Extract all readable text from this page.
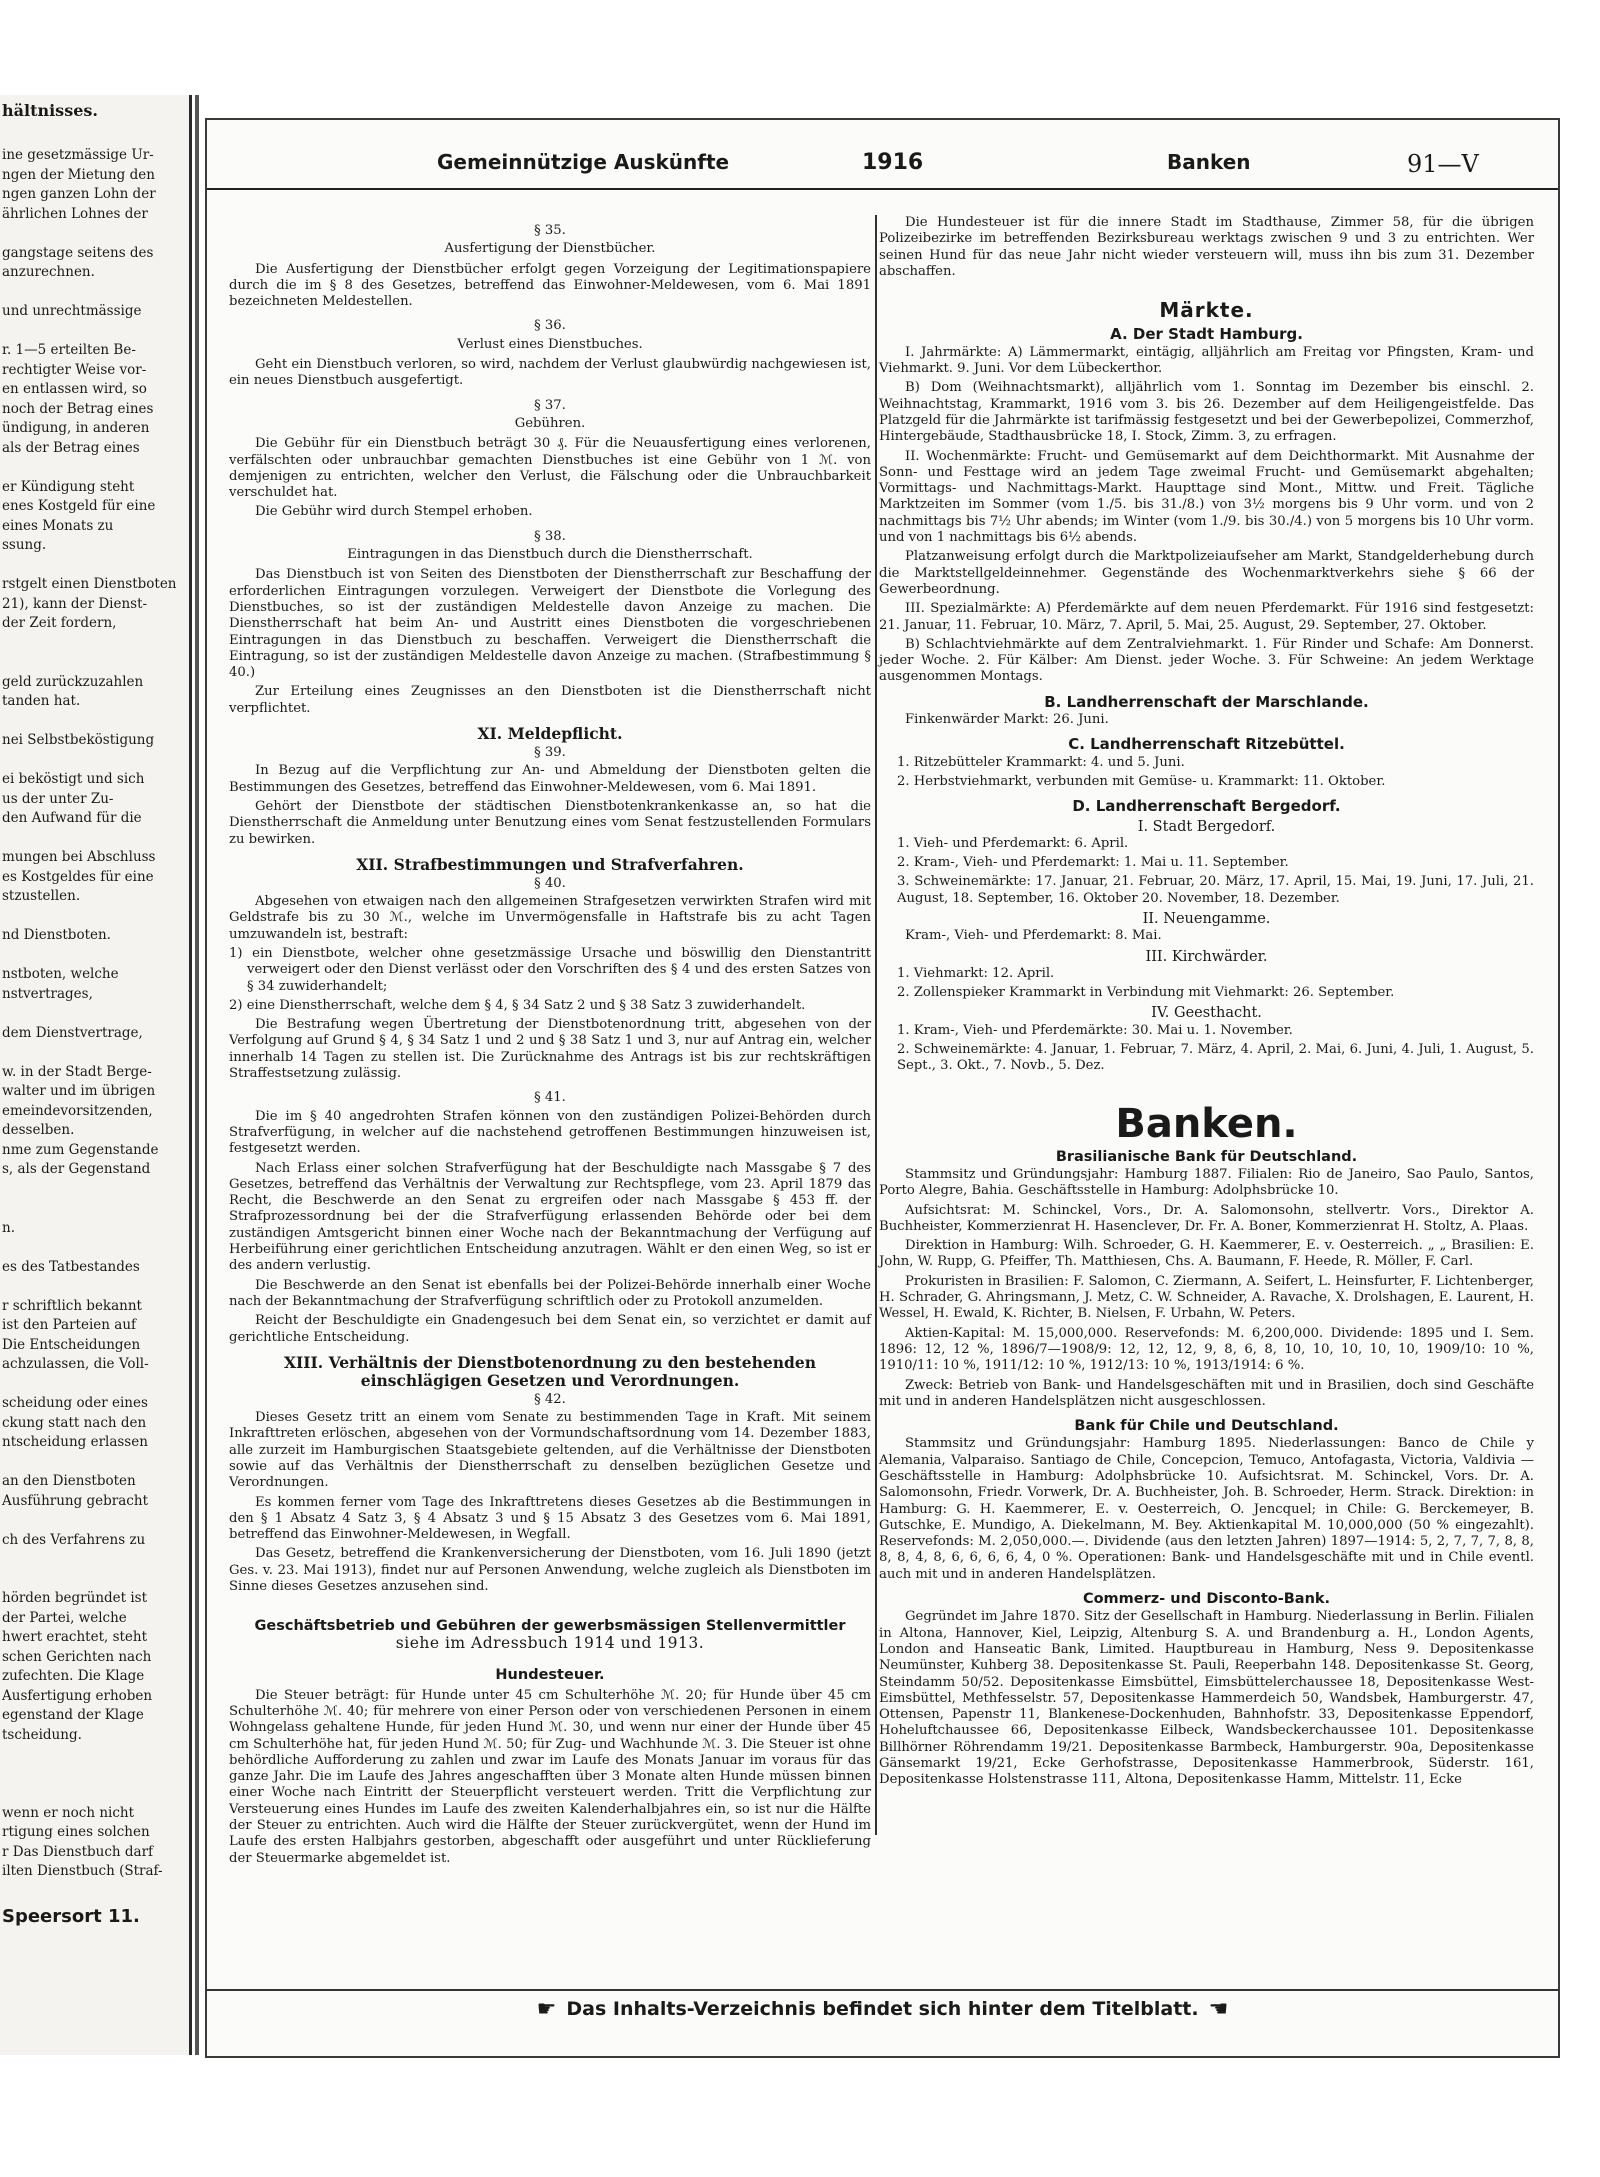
hältnisses.

ine gesetzmässige Ur-
ngen der Mietung den
ngen ganzen Lohn der
ährlichen Lohnes der

gangstage seitens des
anzurechnen.

und unrechtmässige

r. 1—5 erteilten Be-
rechtigter Weise vor-
en entlassen wird, so
noch der Betrag eines
ündigung, in anderen
als der Betrag eines

er Kündigung steht
enes Kostgeld für eine
eines Monats zu
ssung.

rstgelt einen Dienstboten
21), kann der Dienst-
der Zeit fordern,

geld zurückzuzahlen
tanden hat.

nei Selbstbeköstigung

ei beköstigt und sich
us der unter Zu-
den Aufwand für die

mungen bei Abschluss
es Kostgeldes für eine
stzustellen.

nd Dienstboten.

nstboten, welche
nstvertrages,

dem Dienstvertrage,

w. in der Stadt Berge-
walter und im übrigen
emeindevorsitzenden,
desselben.
nme zum Gegenstande
s, als der Gegenstand

n.

es des Tatbestandes

r schriftlich bekannt
ist den Parteien auf
Die Entscheidungen
achzulassen, die Voll-

scheidung oder eines
ckung statt nach den
ntscheidung erlassen

an den Dienstboten
Ausführung gebracht

ch des Verfahrens zu

hörden begründet ist
der Partei, welche
hwert erachtet, steht
schen Gerichten nach
zufechten. Die Klage
Ausfertigung erhoben
egenstand der Klage
tscheidung.

wenn er noch nicht
rtigung eines solchen
r Das Dienstbuch darf
ilten Dienstbuch (Straf-

Speersort 11.
Gemeinnützige Auskünfte	1916	Banken	91—V
§ 35.
Ausfertigung der Dienstbücher.
Die Ausfertigung der Dienstbücher erfolgt gegen Vorzeigung der Legitimationspapiere durch die im § 8 des Gesetzes, betreffend das Einwohner-Meldewesen, vom 6. Mai 1891 bezeichneten Meldestellen.
§ 36.
Verlust eines Dienstbuches.
Geht ein Dienstbuch verloren, so wird, nachdem der Verlust glaubwürdig nachgewiesen ist, ein neues Dienstbuch ausgefertigt.
§ 37.
Gebühren.
Die Gebühr für ein Dienstbuch beträgt 30 ₰. Für die Neuausfertigung eines verlorenen, verfälschten oder unbrauchbar gemachten Dienstbuches ist eine Gebühr von 1 ℳ. von demjenigen zu entrichten, welcher den Verlust, die Fälschung oder die Unbrauchbarkeit verschuldet hat.
Die Gebühr wird durch Stempel erhoben.
§ 38.
Eintragungen in das Dienstbuch durch die Dienstherrschaft.
Das Dienstbuch ist von Seiten des Dienstboten der Dienstherrschaft zur Beschaffung der erforderlichen Eintragungen vorzulegen. Verweigert der Dienstbote die Vorlegung des Dienstbuches, so ist der zuständigen Meldestelle davon Anzeige zu machen. Die Dienstherrschaft hat beim An- und Austritt eines Dienstboten die vorgeschriebenen Eintragungen in das Dienstbuch zu beschaffen. Verweigert die Dienstherrschaft die Eintragung, so ist der zuständigen Meldestelle davon Anzeige zu machen. (Strafbestimmung § 40.)
Zur Erteilung eines Zeugnisses an den Dienstboten ist die Dienstherrschaft nicht verpflichtet.
XI. Meldepflicht.
§ 39.
In Bezug auf die Verpflichtung zur An- und Abmeldung der Dienstboten gelten die Bestimmungen des Gesetzes, betreffend das Einwohner-Meldewesen, vom 6. Mai 1891.
Gehört der Dienstbote der städtischen Dienstbotenkrankenkasse an, so hat die Dienstherrschaft die Anmeldung unter Benutzung eines vom Senat festzustellenden Formulars zu bewirken.
XII. Strafbestimmungen und Strafverfahren.
§ 40.
Abgesehen von etwaigen nach den allgemeinen Strafgesetzen verwirkten Strafen wird mit Geldstrafe bis zu 30 ℳ., welche im Unvermögensfalle in Haftstrafe bis zu acht Tagen umzuwandeln ist, bestraft:
1) ein Dienstbote, welcher ohne gesetzmässige Ursache und böswillig den Dienstantritt verweigert oder den Dienst verlässt oder den Vorschriften des § 4 und des ersten Satzes von § 34 zuwiderhandelt;
2) eine Dienstherrschaft, welche dem § 4, § 34 Satz 2 und § 38 Satz 3 zuwiderhandelt.
Die Bestrafung wegen Übertretung der Dienstbotenordnung tritt, abgesehen von der Verfolgung auf Grund § 4, § 34 Satz 1 und 2 und § 38 Satz 1 und 3, nur auf Antrag ein, welcher innerhalb 14 Tagen zu stellen ist. Die Zurücknahme des Antrags ist bis zur rechtskräftigen Straffestsetzung zulässig.
§ 41.
Die im § 40 angedrohten Strafen können von den zuständigen Polizei-Behörden durch Strafverfügung, in welcher auf die nachstehend getroffenen Bestimmungen hinzuweisen ist, festgesetzt werden.
Nach Erlass einer solchen Strafverfügung hat der Beschuldigte nach Massgabe § 7 des Gesetzes, betreffend das Verhältnis der Verwaltung zur Rechtspflege, vom 23. April 1879 das Recht, die Beschwerde an den Senat zu ergreifen oder nach Massgabe § 453 ff. der Strafprozessordnung bei der die Strafverfügung erlassenden Behörde oder bei dem zuständigen Amtsgericht binnen einer Woche nach der Bekanntmachung der Verfügung auf Herbeiführung einer gerichtlichen Entscheidung anzutragen. Wählt er den einen Weg, so ist er des andern verlustig.
Die Beschwerde an den Senat ist ebenfalls bei der Polizei-Behörde innerhalb einer Woche nach der Bekanntmachung der Strafverfügung schriftlich oder zu Protokoll anzumelden.
Reicht der Beschuldigte ein Gnadengesuch bei dem Senat ein, so verzichtet er damit auf gerichtliche Entscheidung.
XIII. Verhältnis der Dienstbotenordnung zu den bestehenden einschlägigen Gesetzen und Verordnungen.
§ 42.
Dieses Gesetz tritt an einem vom Senate zu bestimmenden Tage in Kraft. Mit seinem Inkrafttreten erlöschen, abgesehen von der Vormundschaftsordnung vom 14. Dezember 1883, alle zurzeit im Hamburgischen Staatsgebiete geltenden, auf die Verhältnisse der Dienstboten sowie auf das Verhältnis der Dienstherrschaft zu denselben bezüglichen Gesetze und Verordnungen.
Es kommen ferner vom Tage des Inkrafttretens dieses Gesetzes ab die Bestimmungen in den § 1 Absatz 4 Satz 3, § 4 Absatz 3 und § 15 Absatz 3 des Gesetzes vom 6. Mai 1891, betreffend das Einwohner-Meldewesen, in Wegfall.
Das Gesetz, betreffend die Krankenversicherung der Dienstboten, vom 16. Juli 1890 (jetzt Ges. v. 23. Mai 1913), findet nur auf Personen Anwendung, welche zugleich als Dienstboten im Sinne dieses Gesetzes anzusehen sind.
Geschäftsbetrieb und Gebühren der gewerbsmässigen Stellenvermittler
siehe im Adressbuch 1914 und 1913.
Hundesteuer.
Die Steuer beträgt: für Hunde unter 45 cm Schulterhöhe ℳ. 20; für Hunde über 45 cm Schulterhöhe ℳ. 40; für mehrere von einer Person oder von verschiedenen Personen in einem Wohngelass gehaltene Hunde, für jeden Hund ℳ. 30, und wenn nur einer der Hunde über 45 cm Schulterhöhe hat, für jeden Hund ℳ. 50; für Zug- und Wachhunde ℳ. 3. Die Steuer ist ohne behördliche Aufforderung zu zahlen und zwar im Laufe des Monats Januar im voraus für das ganze Jahr. Die im Laufe des Jahres angeschafften über 3 Monate alten Hunde müssen binnen einer Woche nach Eintritt der Steuerpflicht versteuert werden. Tritt die Verpflichtung zur Versteuerung eines Hundes im Laufe des zweiten Kalenderhalbjahres ein, so ist nur die Hälfte der Steuer zu entrichten. Auch wird die Hälfte der Steuer zurückvergütet, wenn der Hund im Laufe des ersten Halbjahrs gestorben, abgeschafft oder ausgeführt und unter Rücklieferung der Steuermarke abgemeldet ist.
Die Hundesteuer ist für die innere Stadt im Stadthause, Zimmer 58, für die übrigen Polizeibezirke im betreffenden Bezirksbureau werktags zwischen 9 und 3 zu entrichten. Wer seinen Hund für das neue Jahr nicht wieder versteuern will, muss ihn bis zum 31. Dezember abschaffen.
Märkte.
A. Der Stadt Hamburg.
I. Jahrmärkte: A) Lämmermarkt, eintägig, alljährlich am Freitag vor Pfingsten, Kram- und Viehmarkt. 9. Juni. Vor dem Lübeckerthor.
B) Dom (Weihnachtsmarkt), alljährlich vom 1. Sonntag im Dezember bis einschl. 2. Weihnachtstag, Krammarkt, 1916 vom 3. bis 26. Dezember auf dem Heiligengeistfelde. Das Platzgeld für die Jahrmärkte ist tarifmässig festgesetzt und bei der Gewerbepolizei, Commerzhof, Hintergebäude, Stadthausbrücke 18, I. Stock, Zimm. 3, zu erfragen.
II. Wochenmärkte: Frucht- und Gemüsemarkt auf dem Deichthormarkt. Mit Ausnahme der Sonn- und Festtage wird an jedem Tage zweimal Frucht- und Gemüsemarkt abgehalten; Vormittags- und Nachmittags-Markt. Haupttage sind Mont., Mittw. und Freit. Tägliche Marktzeiten im Sommer (vom 1./5. bis 31./8.) von 3½ morgens bis 9 Uhr vorm. und von 2 nachmittags bis 7½ Uhr abends; im Winter (vom 1./9. bis 30./4.) von 5 morgens bis 10 Uhr vorm. und von 1 nachmittags bis 6½ abends.
Platzanweisung erfolgt durch die Marktpolizeiaufseher am Markt, Standgelderhebung durch die Marktstellgeldeinnehmer. Gegenstände des Wochenmarktverkehrs siehe § 66 der Gewerbeordnung.
III. Spezialmärkte: A) Pferdemärkte auf dem neuen Pferdemarkt. Für 1916 sind festgesetzt: 21. Januar, 11. Februar, 10. März, 7. April, 5. Mai, 25. August, 29. September, 27. Oktober.
B) Schlachtviehmärkte auf dem Zentralviehmarkt. 1. Für Rinder und Schafe: Am Donnerst. jeder Woche. 2. Für Kälber: Am Dienst. jeder Woche. 3. Für Schweine: An jedem Werktage ausgenommen Montags.
B. Landherrenschaft der Marschlande.
Finkenwärder Markt: 26. Juni.
C. Landherrenschaft Ritzebüttel.
1. Ritzebütteler Krammarkt: 4. und 5. Juni.
2. Herbstviehmarkt, verbunden mit Gemüse- u. Krammarkt: 11. Oktober.
D. Landherrenschaft Bergedorf.
I. Stadt Bergedorf.
1. Vieh- und Pferdemarkt: 6. April.
2. Kram-, Vieh- und Pferdemarkt: 1. Mai u. 11. September.
3. Schweinemärkte: 17. Januar, 21. Februar, 20. März, 17. April, 15. Mai, 19. Juni, 17. Juli, 21. August, 18. September, 16. Oktober 20. November, 18. Dezember.
II. Neuengamme.
Kram-, Vieh- und Pferdemarkt: 8. Mai.
III. Kirchwärder.
1. Viehmarkt: 12. April.
2. Zollenspieker Krammarkt in Verbindung mit Viehmarkt: 26. September.
IV. Geesthacht.
1. Kram-, Vieh- und Pferdemärkte: 30. Mai u. 1. November.
2. Schweinemärkte: 4. Januar, 1. Februar, 7. März, 4. April, 2. Mai, 6. Juni, 4. Juli, 1. August, 5. Sept., 3. Okt., 7. Novb., 5. Dez.
Banken.
Brasilianische Bank für Deutschland.
Stammsitz und Gründungsjahr: Hamburg 1887. Filialen: Rio de Janeiro, Sao Paulo, Santos, Porto Alegre, Bahia. Geschäftsstelle in Hamburg: Adolphsbrücke 10.
Aufsichtsrat: M. Schinckel, Vors., Dr. A. Salomonsohn, stellvertr. Vors., Direktor A. Buchheister, Kommerzienrat H. Hasenclever, Dr. Fr. A. Boner, Kommerzienrat H. Stoltz, A. Plaas.
Direktion in Hamburg: Wilh. Schroeder, G. H. Kaemmerer, E. v. Oesterreich. „ „ Brasilien: E. John, W. Rupp, G. Pfeiffer, Th. Matthiesen, Chs. A. Baumann, F. Heede, R. Möller, F. Carl.
Prokuristen in Brasilien: F. Salomon, C. Ziermann, A. Seifert, L. Heinsfurter, F. Lichtenberger, H. Schrader, G. Ahringsmann, J. Metz, C. W. Schneider, A. Ravache, X. Drolshagen, E. Laurent, H. Wessel, H. Ewald, K. Richter, B. Nielsen, F. Urbahn, W. Peters.
Aktien-Kapital: M. 15,000,000. Reservefonds: M. 6,200,000. Dividende: 1895 und I. Sem. 1896: 12, 12 %, 1896/7—1908/9: 12, 12, 12, 9, 8, 6, 8, 10, 10, 10, 10, 10, 1909/10: 10 %, 1910/11: 10 %, 1911/12: 10 %, 1912/13: 10 %, 1913/1914: 6 %.
Zweck: Betrieb von Bank- und Handelsgeschäften mit und in Brasilien, doch sind Geschäfte mit und in anderen Handelsplätzen nicht ausgeschlossen.
Bank für Chile und Deutschland.
Stammsitz und Gründungsjahr: Hamburg 1895. Niederlassungen: Banco de Chile y Alemania, Valparaiso. Santiago de Chile, Concepcion, Temuco, Antofagasta, Victoria, Valdivia — Geschäftsstelle in Hamburg: Adolphsbrücke 10. Aufsichtsrat. M. Schinckel, Vors. Dr. A. Salomonsohn, Friedr. Vorwerk, Dr. A. Buchheister, Joh. B. Schroeder, Herm. Strack. Direktion: in Hamburg: G. H. Kaemmerer, E. v. Oesterreich, O. Jencquel; in Chile: G. Berckemeyer, B. Gutschke, E. Mundigo, A. Diekelmann, M. Bey. Aktienkapital M. 10,000,000 (50 % eingezahlt). Reservefonds: M. 2,050,000.—. Dividende (aus den letzten Jahren) 1897—1914: 5, 2, 7, 7, 7, 8, 8, 8, 8, 4, 8, 6, 6, 6, 6, 4, 0 %. Operationen: Bank- und Handelsgeschäfte mit und in Chile eventl. auch mit und in anderen Handelsplätzen.
Commerz- und Disconto-Bank.
Gegründet im Jahre 1870. Sitz der Gesellschaft in Hamburg. Niederlassung in Berlin. Filialen in Altona, Hannover, Kiel, Leipzig, Altenburg S. A. und Brandenburg a. H., London Agents, London and Hanseatic Bank, Limited. Hauptbureau in Hamburg, Ness 9. Depositenkasse Neumünster, Kuhberg 38. Depositenkasse St. Pauli, Reeperbahn 148. Depositenkasse St. Georg, Steindamm 50/52. Depositenkasse Eimsbüttel, Eimsbüttelerchaussee 18, Depositenkasse West-Eimsbüttel, Methfesselstr. 57, Depositenkasse Hammerdeich 50, Wandsbek, Hamburgerstr. 47, Ottensen, Papenstr 11, Blankenese-Dockenhuden, Bahnhofstr. 33, Depositenkasse Eppendorf, Hoheluftchaussee 66, Depositenkasse Eilbeck, Wandsbeckerchaussee 101. Depositenkasse Billhörner Röhrendamm 19/21. Depositenkasse Barmbeck, Hamburgerstr. 90a, Depositenkasse Gänsemarkt 19/21, Ecke Gerhofstrasse, Depositenkasse Hammerbrook, Süderstr. 161, Depositenkasse Holstenstrasse 111, Altona, Depositenkasse Hamm, Mittelstr. 11, Ecke
☛ Das Inhalts-Verzeichnis befindet sich hinter dem Titelblatt. ☚
